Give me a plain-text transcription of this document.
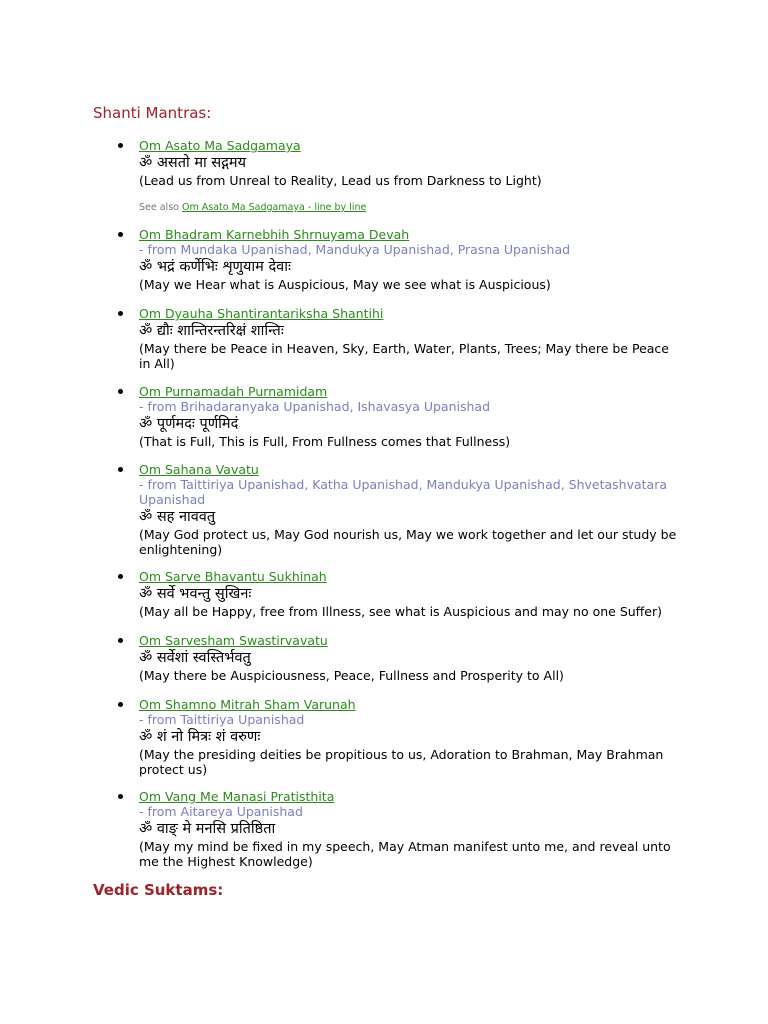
Shanti Mantras:
Om Asato Ma Sadgamaya
ॐ असतो मा सद्गमय
(Lead us from Unreal to Reality, Lead us from Darkness to Light)
See also Om Asato Ma Sadgamaya - line by line
Om Bhadram Karnebhih Shrnuyama Devah
- from Mundaka Upanishad, Mandukya Upanishad, Prasna Upanishad
ॐ भद्रं कर्णेभिः शृणुयाम देवाः
(May we Hear what is Auspicious, May we see what is Auspicious)
Om Dyauha Shantirantariksha Shantihi
ॐ द्यौः शान्तिरन्तरिक्षं शान्तिः
(May there be Peace in Heaven, Sky, Earth, Water, Plants, Trees; May there be Peace in All)
Om Purnamadah Purnamidam
- from Brihadaranyaka Upanishad, Ishavasya Upanishad
ॐ पूर्णमदः पूर्णमिदं
(That is Full, This is Full, From Fullness comes that Fullness)
Om Sahana Vavatu
- from Taittiriya Upanishad, Katha Upanishad, Mandukya Upanishad, Shvetashvatara Upanishad
ॐ सह नाववतु
(May God protect us, May God nourish us, May we work together and let our study be enlightening)
Om Sarve Bhavantu Sukhinah
ॐ सर्वे भवन्तु सुखिनः
(May all be Happy, free from Illness, see what is Auspicious and may no one Suffer)
Om Sarvesham Swastirvavatu
ॐ सर्वेशां स्वस्तिर्भवतु
(May there be Auspiciousness, Peace, Fullness and Prosperity to All)
Om Shamno Mitrah Sham Varunah
- from Taittiriya Upanishad
ॐ शं नो मित्रः शं वरुणः
(May the presiding deities be propitious to us, Adoration to Brahman, May Brahman protect us)
Om Vang Me Manasi Pratisthita
- from Aitareya Upanishad
ॐ वाङ् मे मनसि प्रतिष्ठिता
(May my mind be fixed in my speech, May Atman manifest unto me, and reveal unto me the Highest Knowledge)
Vedic Suktams:
